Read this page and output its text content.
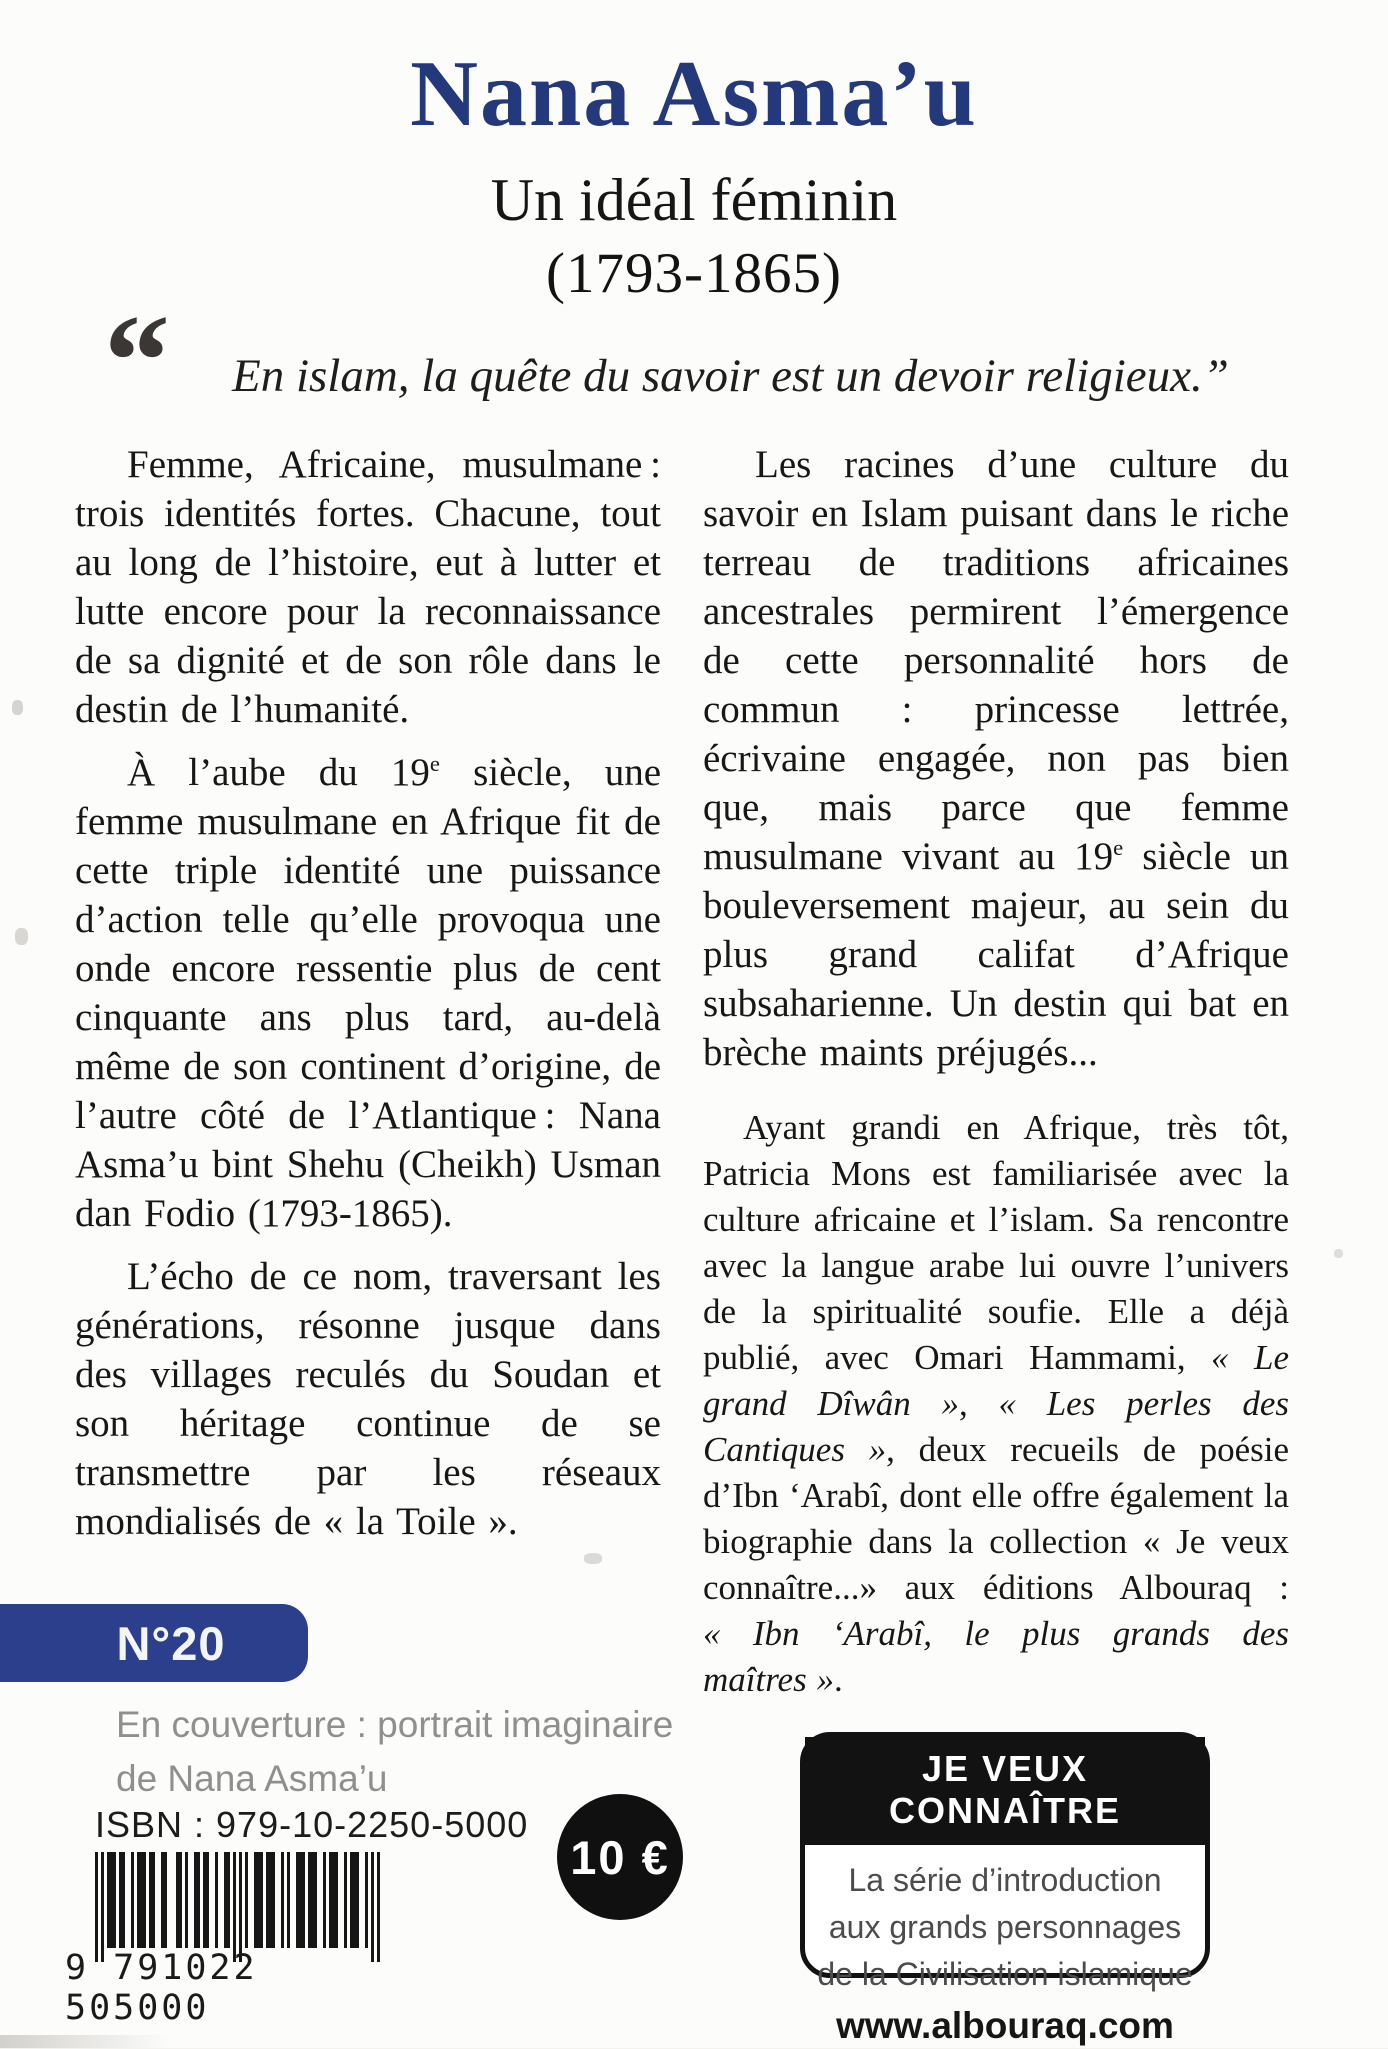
Nana Asma’u
Un idéal féminin
(1793-1865)
“ En islam, la quête du savoir est un devoir religieux.”

Femme, Africaine, musulmane : trois identités fortes. Chacune, tout au long de l’histoire, eut à lutter et lutte encore pour la reconnaissance de sa dignité et de son rôle dans le destin de l’humanité.

À l’aube du 19e siècle, une femme musulmane en Afrique fit de cette triple identité une puissance d’action telle qu’elle provoqua une onde encore ressentie plus de cent cinquante ans plus tard, au-delà même de son continent d’origine, de l’autre côté de l’Atlantique : Nana Asma’u bint Shehu (Cheikh) Usman dan Fodio (1793-1865).

L’écho de ce nom, traversant les générations, résonne jusque dans des villages reculés du Soudan et son héritage continue de se transmettre par les réseaux mondialisés de « la Toile ».

Les racines d’une culture du savoir en Islam puisant dans le riche terreau de traditions africaines ancestrales permirent l’émergence de cette personnalité hors de commun : princesse lettrée, écrivaine engagée, non pas bien que, mais parce que femme musulmane vivant au 19e siècle un bouleversement majeur, au sein du plus grand califat d’Afrique subsaharienne. Un destin qui bat en brèche maints préjugés...

Ayant grandi en Afrique, très tôt, Patricia Mons est familiarisée avec la culture africaine et l’islam. Sa rencontre avec la langue arabe lui ouvre l’univers de la spiritualité soufie. Elle a déjà publié, avec Omari Hammami, « Le grand Dîwân », « Les perles des Cantiques », deux recueils de poésie d’Ibn ‘Arabî, dont elle offre également la biographie dans la collection « Je veux connaître...» aux éditions Albouraq : « Ibn ‘Arabî, le plus grands des maîtres ».

N°20
En couverture : portrait imaginaire
de Nana Asma’u
ISBN : 979-10-2250-5000
9 791022 505000
10 €
JE VEUX CONNAÎTRE
La série d’introduction
aux grands personnages
de la Civilisation islamique
www.albouraq.com
